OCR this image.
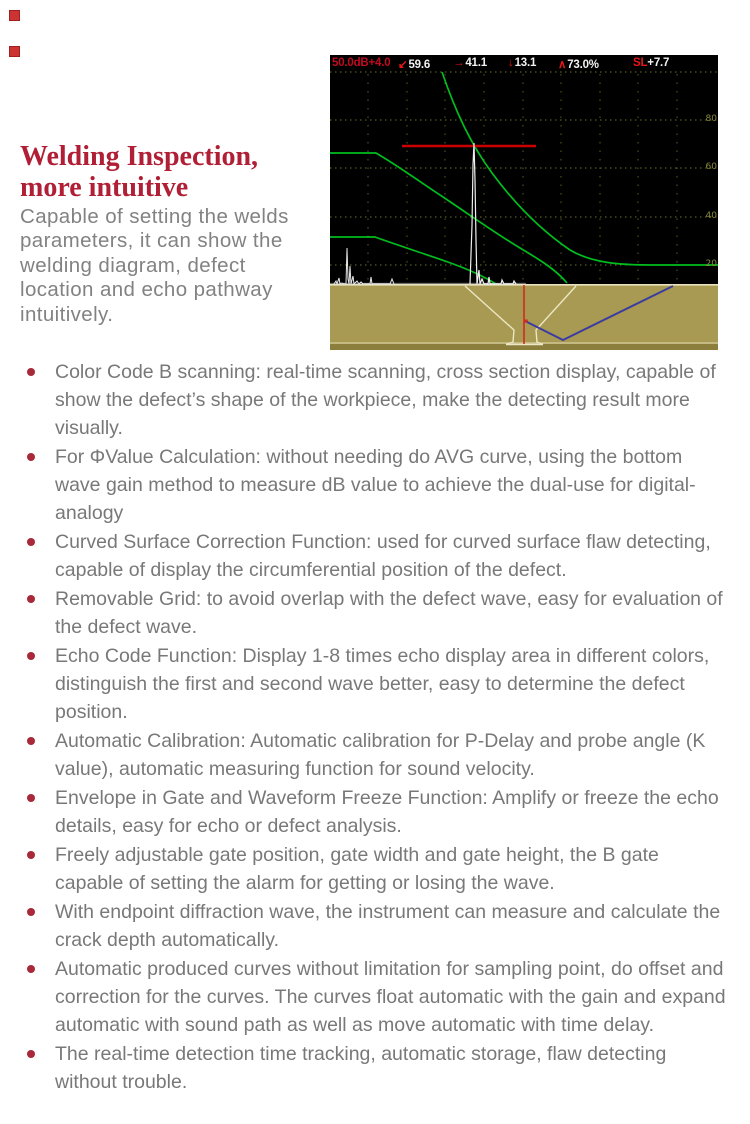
Welding Inspection,
more intuitive

Capable of setting the welds parameters, it can show the welding diagram, defect location and echo pathway intuitively.

50.0dB+4.0 ↙59.6 →41.1 ↓13.1 ∧73.0%	SL+7.7
80
60
40
20
Color Code B scanning: real-time scanning, cross section display, capable of show the defect’s shape of the workpiece, make the detecting result more visually.
For ΦValue Calculation: without needing do AVG curve, using the bottom wave gain method to measure dB value to achieve the dual-use for digital-analogy
Curved Surface Correction Function: used for curved surface flaw detecting, capable of display the circumferential position of the defect.
Removable Grid: to avoid overlap with the defect wave, easy for evaluation of the defect wave.
Echo Code Function: Display 1-8 times echo display area in different colors, distinguish the first and second wave better, easy to determine the defect position.
Automatic Calibration: Automatic calibration for P-Delay and probe angle (K value), automatic measuring function for sound velocity.
Envelope in Gate and Waveform Freeze Function: Amplify or freeze the echo details, easy for echo or defect analysis.
Freely adjustable gate position, gate width and gate height, the B gate capable of setting the alarm for getting or losing the wave.
With endpoint diffraction wave, the instrument can measure and calculate the crack depth automatically.
Automatic produced curves without limitation for sampling point, do offset and correction for the curves. The curves float automatic with the gain and expand automatic with sound path as well as move automatic with time delay.
The real-time detection time tracking, automatic storage, flaw detecting without trouble.
